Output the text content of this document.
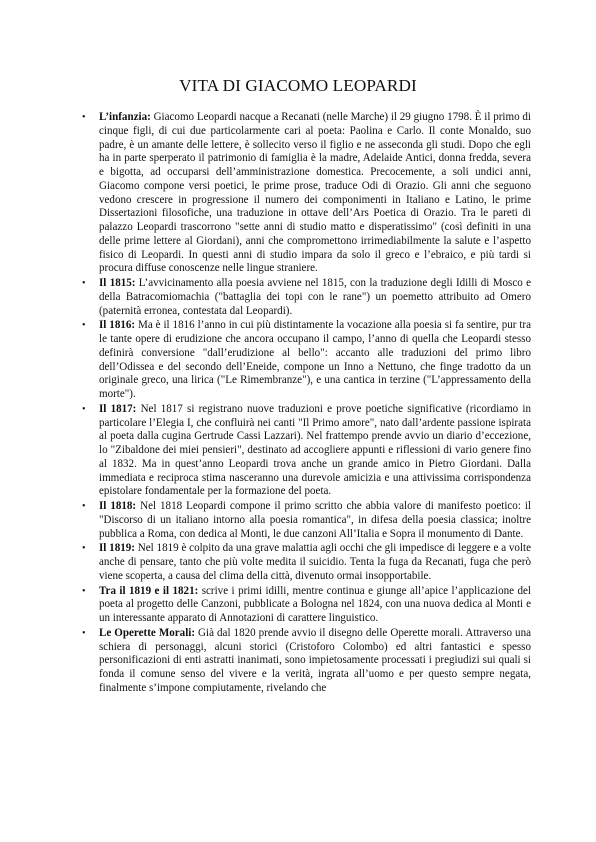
VITA DI GIACOMO LEOPARDI
• L’infanzia: Giacomo Leopardi nacque a Recanati (nelle Marche) il 29 giugno 1798. È il primo di cinque figli, di cui due particolarmente cari al poeta: Paolina e Carlo. Il conte Monaldo, suo padre, è un amante delle lettere, è sollecito verso il figlio e ne asseconda gli studi. Dopo che egli ha in parte sperperato il patrimonio di famiglia è la madre, Adelaide Antici, donna fredda, severa e bigotta, ad occuparsi dell’amministrazione domestica. Precocemente, a soli undici anni, Giacomo compone versi poetici, le prime prose, traduce Odi di Orazio. Gli anni che seguono vedono crescere in progressione il numero dei componimenti in Italiano e Latino, le prime Dissertazioni filosofiche, una traduzione in ottave dell’Ars Poetica di Orazio. Tra le pareti di palazzo Leopardi trascorrono "sette anni di studio matto e disperatissimo" (così definiti in una delle prime lettere al Giordani), anni che compromettono irrimediabilmente la salute e l’aspetto fisico di Leopardi. In questi anni di studio impara da solo il greco e l’ebraico, e più tardi si procura diffuse conoscenze nelle lingue straniere.
• Il 1815: L’avvicinamento alla poesia avviene nel 1815, con la traduzione degli Idilli di Mosco e della Batracomiomachia ("battaglia dei topi con le rane") un poemetto attribuito ad Omero (paternità erronea, contestata dal Leopardi).
• Il 1816: Ma è il 1816 l’anno in cui più distintamente la vocazione alla poesia si fa sentire, pur tra le tante opere di erudizione che ancora occupano il campo, l’anno di quella che Leopardi stesso definirà conversione "dall’erudizione al bello": accanto alle traduzioni del primo libro dell’Odissea e del secondo dell’Eneide, compone un Inno a Nettuno, che finge tradotto da un originale greco, una lirica ("Le Rimembranze"), e una cantica in terzine ("L’appressamento della morte").
• Il 1817: Nel 1817 si registrano nuove traduzioni e prove poetiche significative (ricordiamo in particolare l’Elegia I, che confluirà nei canti "Il Primo amore", nato dall’ardente passione ispirata al poeta dalla cugina Gertrude Cassi Lazzari). Nel frattempo prende avvio un diario d’eccezione, lo "Zibaldone dei miei pensieri", destinato ad accogliere appunti e riflessioni di vario genere fino al 1832. Ma in quest’anno Leopardi trova anche un grande amico in Pietro Giordani. Dalla immediata e reciproca stima nasceranno una durevole amicizia e una attivissima corrispondenza epistolare fondamentale per la formazione del poeta.
• Il 1818: Nel 1818 Leopardi compone il primo scritto che abbia valore di manifesto poetico: il "Discorso di un italiano intorno alla poesia romantica", in difesa della poesia classica; inoltre pubblica a Roma, con dedica al Monti, le due canzoni All’Italia e Sopra il monumento di Dante.
• Il 1819: Nel 1819 è colpito da una grave malattia agli occhi che gli impedisce di leggere e a volte anche di pensare, tanto che più volte medita il suicidio. Tenta la fuga da Recanati, fuga che però viene scoperta, a causa del clima della città, divenuto ormai insopportabile.
• Tra il 1819 e il 1821: scrive i primi idilli, mentre continua e giunge all’apice l’applicazione del poeta al progetto delle Canzoni, pubblicate a Bologna nel 1824, con una nuova dedica al Monti e un interessante apparato di Annotazioni di carattere linguistico.
• Le Operette Morali: Già dal 1820 prende avvio il disegno delle Operette morali. Attraverso una schiera di personaggi, alcuni storici (Cristoforo Colombo) ed altri fantastici e spesso personificazioni di enti astratti inanimati, sono impietosamente processati i pregiudizi sui quali si fonda il comune senso del vivere e la verità, ingrata all’uomo e per questo sempre negata, finalmente s’impone compiutamente, rivelando che
